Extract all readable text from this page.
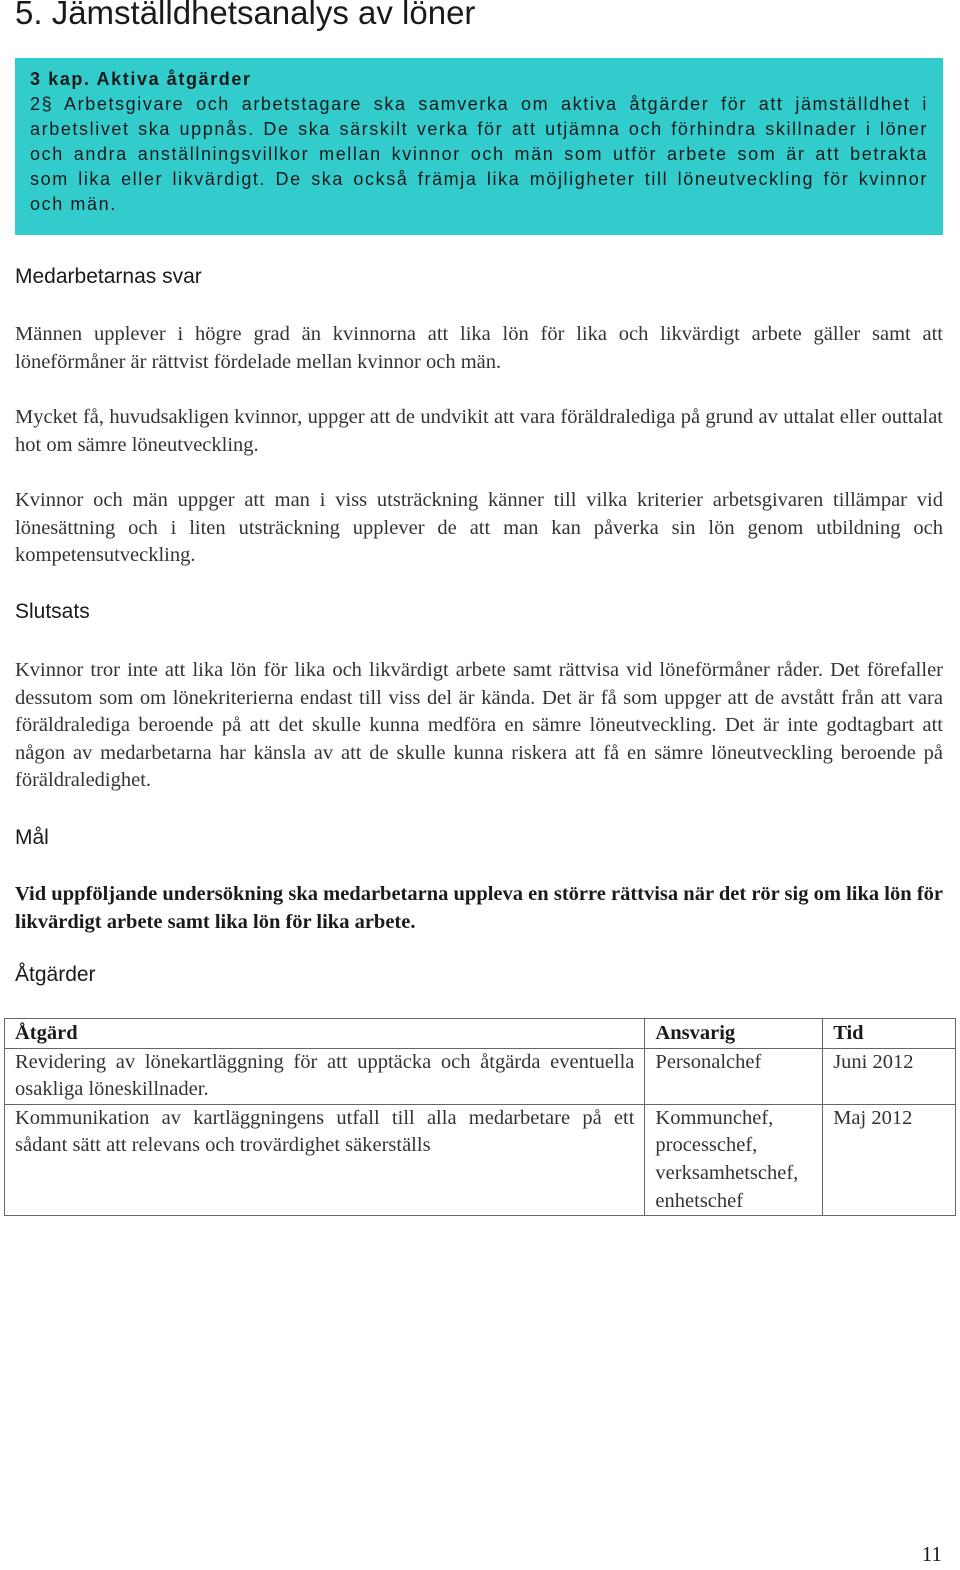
5. Jämställdhetsanalys av löner

3 kap. Aktiva åtgärder

2§ Arbetsgivare och arbetstagare ska samverka om aktiva åtgärder för att jämställdhet i arbetslivet ska uppnås. De ska särskilt verka för att utjämna och förhindra skillnader i löner och andra anställningsvillkor mellan kvinnor och män som utför arbete som är att betrakta som lika eller likvärdigt. De ska också främja lika möjligheter till löneutveckling för kvinnor och män.

Medarbetarnas svar

Männen upplever i högre grad än kvinnorna att lika lön för lika och likvärdigt arbete gäller samt att löneförmåner är rättvist fördelade mellan kvinnor och män.

Mycket få, huvudsakligen kvinnor, uppger att de undvikit att vara föräldralediga på grund av uttalat eller outtalat hot om sämre löneutveckling.

Kvinnor och män uppger att man i viss utsträckning känner till vilka kriterier arbetsgivaren tillämpar vid lönesättning och i liten utsträckning upplever de att man kan påverka sin lön genom utbildning och kompetensutveckling.

Slutsats

Kvinnor tror inte att lika lön för lika och likvärdigt arbete samt rättvisa vid löneförmåner råder. Det förefaller dessutom som om lönekriterierna endast till viss del är kända. Det är få som uppger att de avstått från att vara föräldralediga beroende på att det skulle kunna medföra en sämre löneutveckling. Det är inte godtagbart att någon av medarbetarna har känsla av att de skulle kunna riskera att få en sämre löneutveckling beroende på föräldraledighet.

Mål

Vid uppföljande undersökning ska medarbetarna uppleva en större rättvisa när det rör sig om lika lön för likvärdigt arbete samt lika lön för lika arbete.

Åtgärder
Åtgärd	Ansvarig	Tid
Revidering av lönekartläggning för att upptäcka och åtgärda eventuella osakliga löneskillnader.	Personalchef	Juni 2012
Kommunikation av kartläggningens utfall till alla medarbetare på ett sådant sätt att relevans och trovärdighet säkerställs	Kommunchef,
processchef,
verksamhetschef,
enhetschef	Maj 2012
11
